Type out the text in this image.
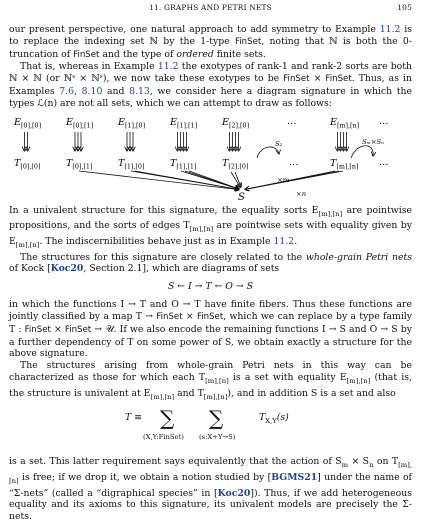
11. GRAPHS AND PETRI NETS	105

our present perspective, one natural approach to add symmetry to Example 11.2 is to replace the indexing set ℕ by the 1-type FinSet, noting that ℕ is both the 0-truncation of FinSet and the type of ordered finite sets.

That is, whereas in Example 11.2 the exotypes of rank-1 and rank-2 sorts are both ℕ × ℕ (or ℕˢ × ℕˢ), we now take these exotypes to be FinSet × FinSet. Thus, as in Examples 7.6, 8.10 and 8.13, we consider here a diagram signature in which the types ℒ(n) are not all sets, which we can attempt to draw as follows:

$E_{[0],[0]}$	$E_{[0],[1]}$	$E_{[1],[0]}$	$E_{[1],[1]}$	$E_{[2],[0]}$	$E_{[m],[n]}$
$T_{[0],[0]}$	$T_{[0],[1]}$	$T_{[1],[0]}$	$T_{[1],[1]}$	$T_{[2],[0]}$	$T_{[m],[n]}$
…	…
…	…
S
S₂	Sₘ×Sₙ
×m
×n

In a univalent structure for this signature, the equality sorts $E_{[m],[n]}$ are pointwise propositions, and the sorts of edges $T_{[m],[n]}$ are pointwise sets with equality given by $E_{[m],[n]}$. The indiscernibilities behave just as in Example 11.2.

The structures for this signature are closely related to the whole-grain Petri nets of Kock [Koc20, Section 2.1], which are diagrams of sets

S ← I → T ← O → S

in which the functions I → T and O → T have finite fibers. Thus these functions are jointly classified by a map T → FinSet × FinSet, which we can replace by a type family T : FinSet × FinSet → 𝒰. If we also encode the remaining functions I → S and O → S by a further dependency of T on some power of S, we obtain exactly a structure for the above signature.

The structures arising from whole-grain Petri nets in this way can be characterized as those for which each $T_{[m],[n]}$ is a set with equality $E_{[m],[n]}$ (that is, the structure is univalent at $E_{[m],[n]}$ and $T_{[m],[n]}$), and in addition S is a set and also

T ≡ ∑ ∑
(X,Y:FinSet) (s:X+Y→S)
$T_{X,Y}(s)$

is a set. This latter requirement says equivalently that the action of $S_m \times S_n$ on $T_{[m],[n]}$ is free; if we drop it, we obtain a notion studied by [BGMS21] under the name of “Σ-nets” (called a “digraphical species” in [Koc20]). Thus, if we add heterogeneous equality and its axioms to this signature, its univalent models are precisely the Σ-nets.
